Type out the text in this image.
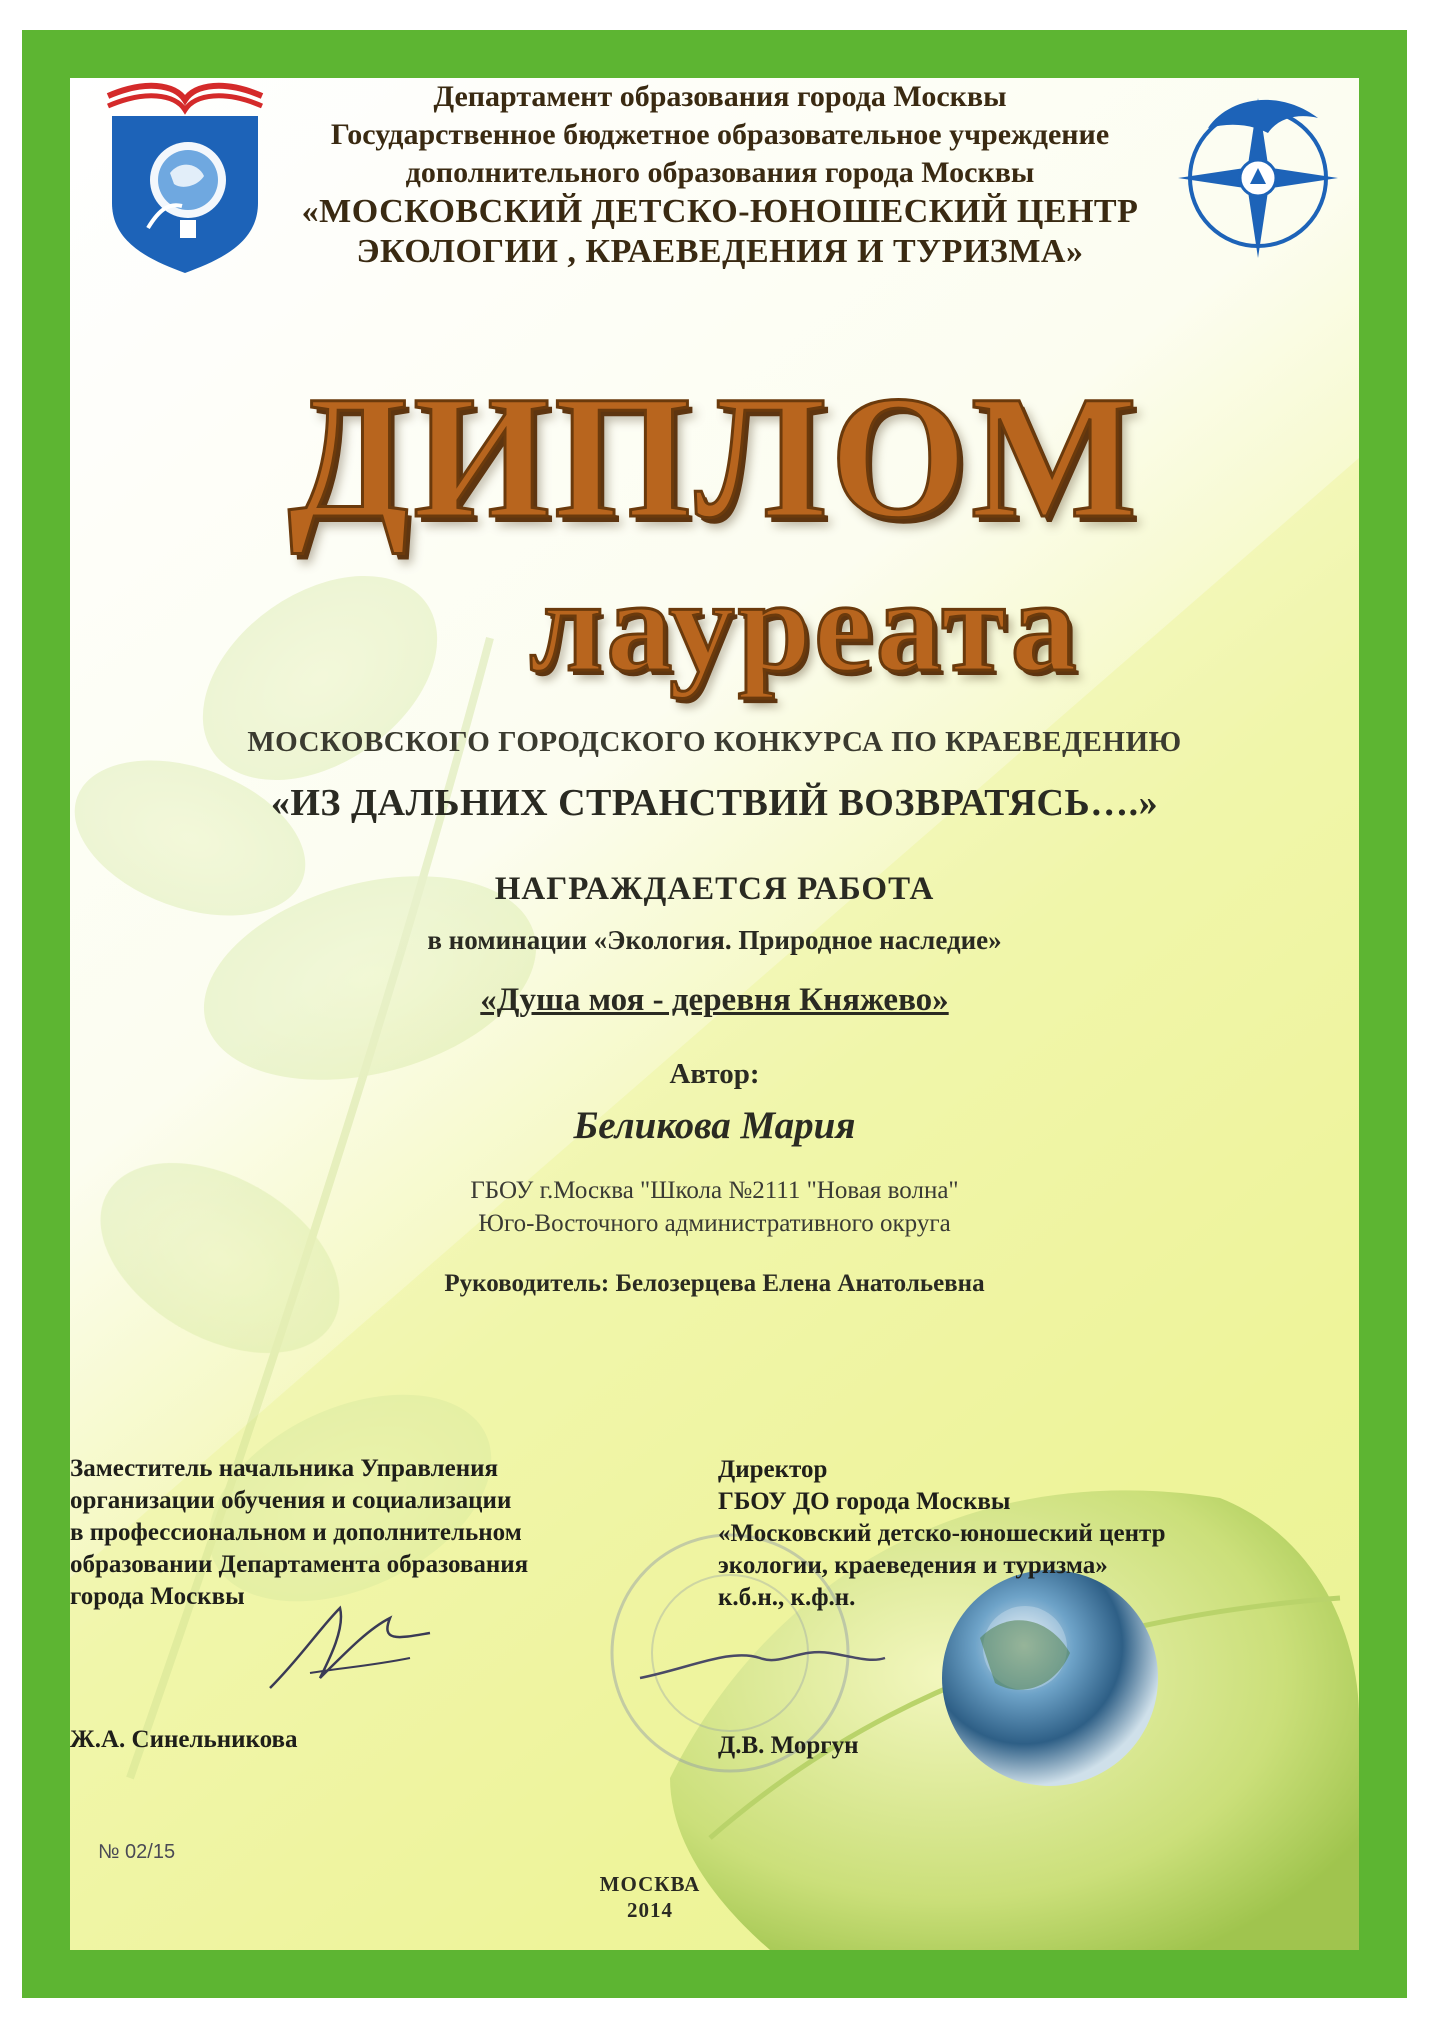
Департамент образования города Москвы
Государственное бюджетное образовательное учреждение
дополнительного образования города Москвы
«МОСКОВСКИЙ ДЕТСКО-ЮНОШЕСКИЙ ЦЕНТР
ЭКОЛОГИИ , КРАЕВЕДЕНИЯ И ТУРИЗМА»
ДИПЛОМ
лауреата
МОСКОВСКОГО ГОРОДСКОГО КОНКУРСА ПО КРАЕВЕДЕНИЮ
«ИЗ ДАЛЬНИХ СТРАНСТВИЙ ВОЗВРАТЯСЬ….»
НАГРАЖДАЕТСЯ РАБОТА
в номинации «Экология. Природное наследие»
«Душа моя - деревня Княжево»
Автор:
Беликова Мария
ГБОУ г.Москва "Школа №2111 "Новая волна"
Юго-Восточного административного округа
Руководитель: Белозерцева Елена Анатольевна
Заместитель начальника Управления
организации обучения и социализации
в профессиональном и дополнительном
образовании Департамента образования
города Москвы
Ж.А. Синельникова
Директор
ГБОУ ДО города Москвы
«Московский детско-юношеский центр
экологии, краеведения и туризма»
к.б.н., к.ф.н.
Д.В. Моргун
№ 02/15
МОСКВА
2014
